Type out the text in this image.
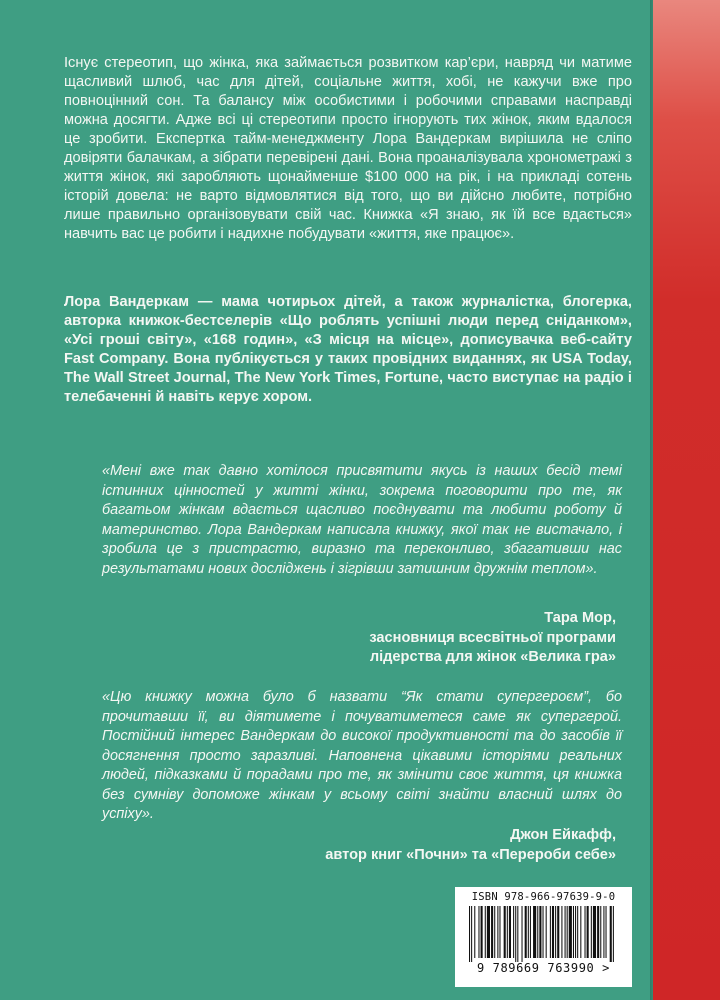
Існує стереотип, що жінка, яка займається розвитком кар’єри, навряд чи матиме щасливий шлюб, час для дітей, соціальне життя, хобі, не кажучи вже про повноцінний сон. Та балансу між особистими і робочими справами насправді можна досягти. Адже всі ці стереотипи просто ігнорують тих жінок, яким вдалося це зробити. Експертка тайм-менеджменту Лора Вандеркам вирішила не сліпо довіряти балачкам, а зібрати перевірені дані. Вона проаналізувала хронометражі з життя жінок, які заробляють щонайменше $100 000 на рік, і на прикладі сотень історій довела: не варто відмовлятися від того, що ви дійсно любите, потрібно лише правильно організовувати свій час. Книжка «Я знаю, як їй все вдається» навчить вас це робити і надихне побудувати «життя, яке працює».
Лора Вандеркам — мама чотирьох дітей, а також журналістка, блогерка, авторка книжок-бестселерів «Що роблять успішні люди перед сніданком», «Усі гроші світу», «168 годин», «З місця на місце», дописувачка веб-сайту Fast Company. Вона публікується у таких провідних виданнях, як USA Today, The Wall Street Journal, The New York Times, Fortune, часто виступає на радіо і телебаченні й навіть керує хором.
«Мені вже так давно хотілося присвятити якусь із наших бесід темі істинних цінностей у житті жінки, зокрема поговорити про те, як багатьом жінкам вдається щасливо поєднувати та любити роботу й материнство. Лора Вандеркам написала книжку, якої так не вистачало, і зробила це з пристрастю, виразно та переконливо, збагативши нас результатами нових досліджень і зігрівши затишним дружнім теплом».
Тара Мор,
засновниця всесвітньої програми
лідерства для жінок «Велика гра»
«Цю книжку можна було б назвати “Як стати супергероєм”, бо прочитавши її, ви діятимете і почуватиметеся саме як супергерой. Постійний інтерес Вандеркам до високої продуктивності та до засобів її досягнення просто заразливі. Наповнена цікавими історіями реальних людей, підказками й порадами про те, як змінити своє життя, ця книжка без сумніву допоможе жінкам у всьому світі знайти власний шлях до успіху».
Джон Ейкафф,
автор книг «Почни» та «Перероби себе»
ISBN 978-966-97639-9-0
9 789669 763990 >
